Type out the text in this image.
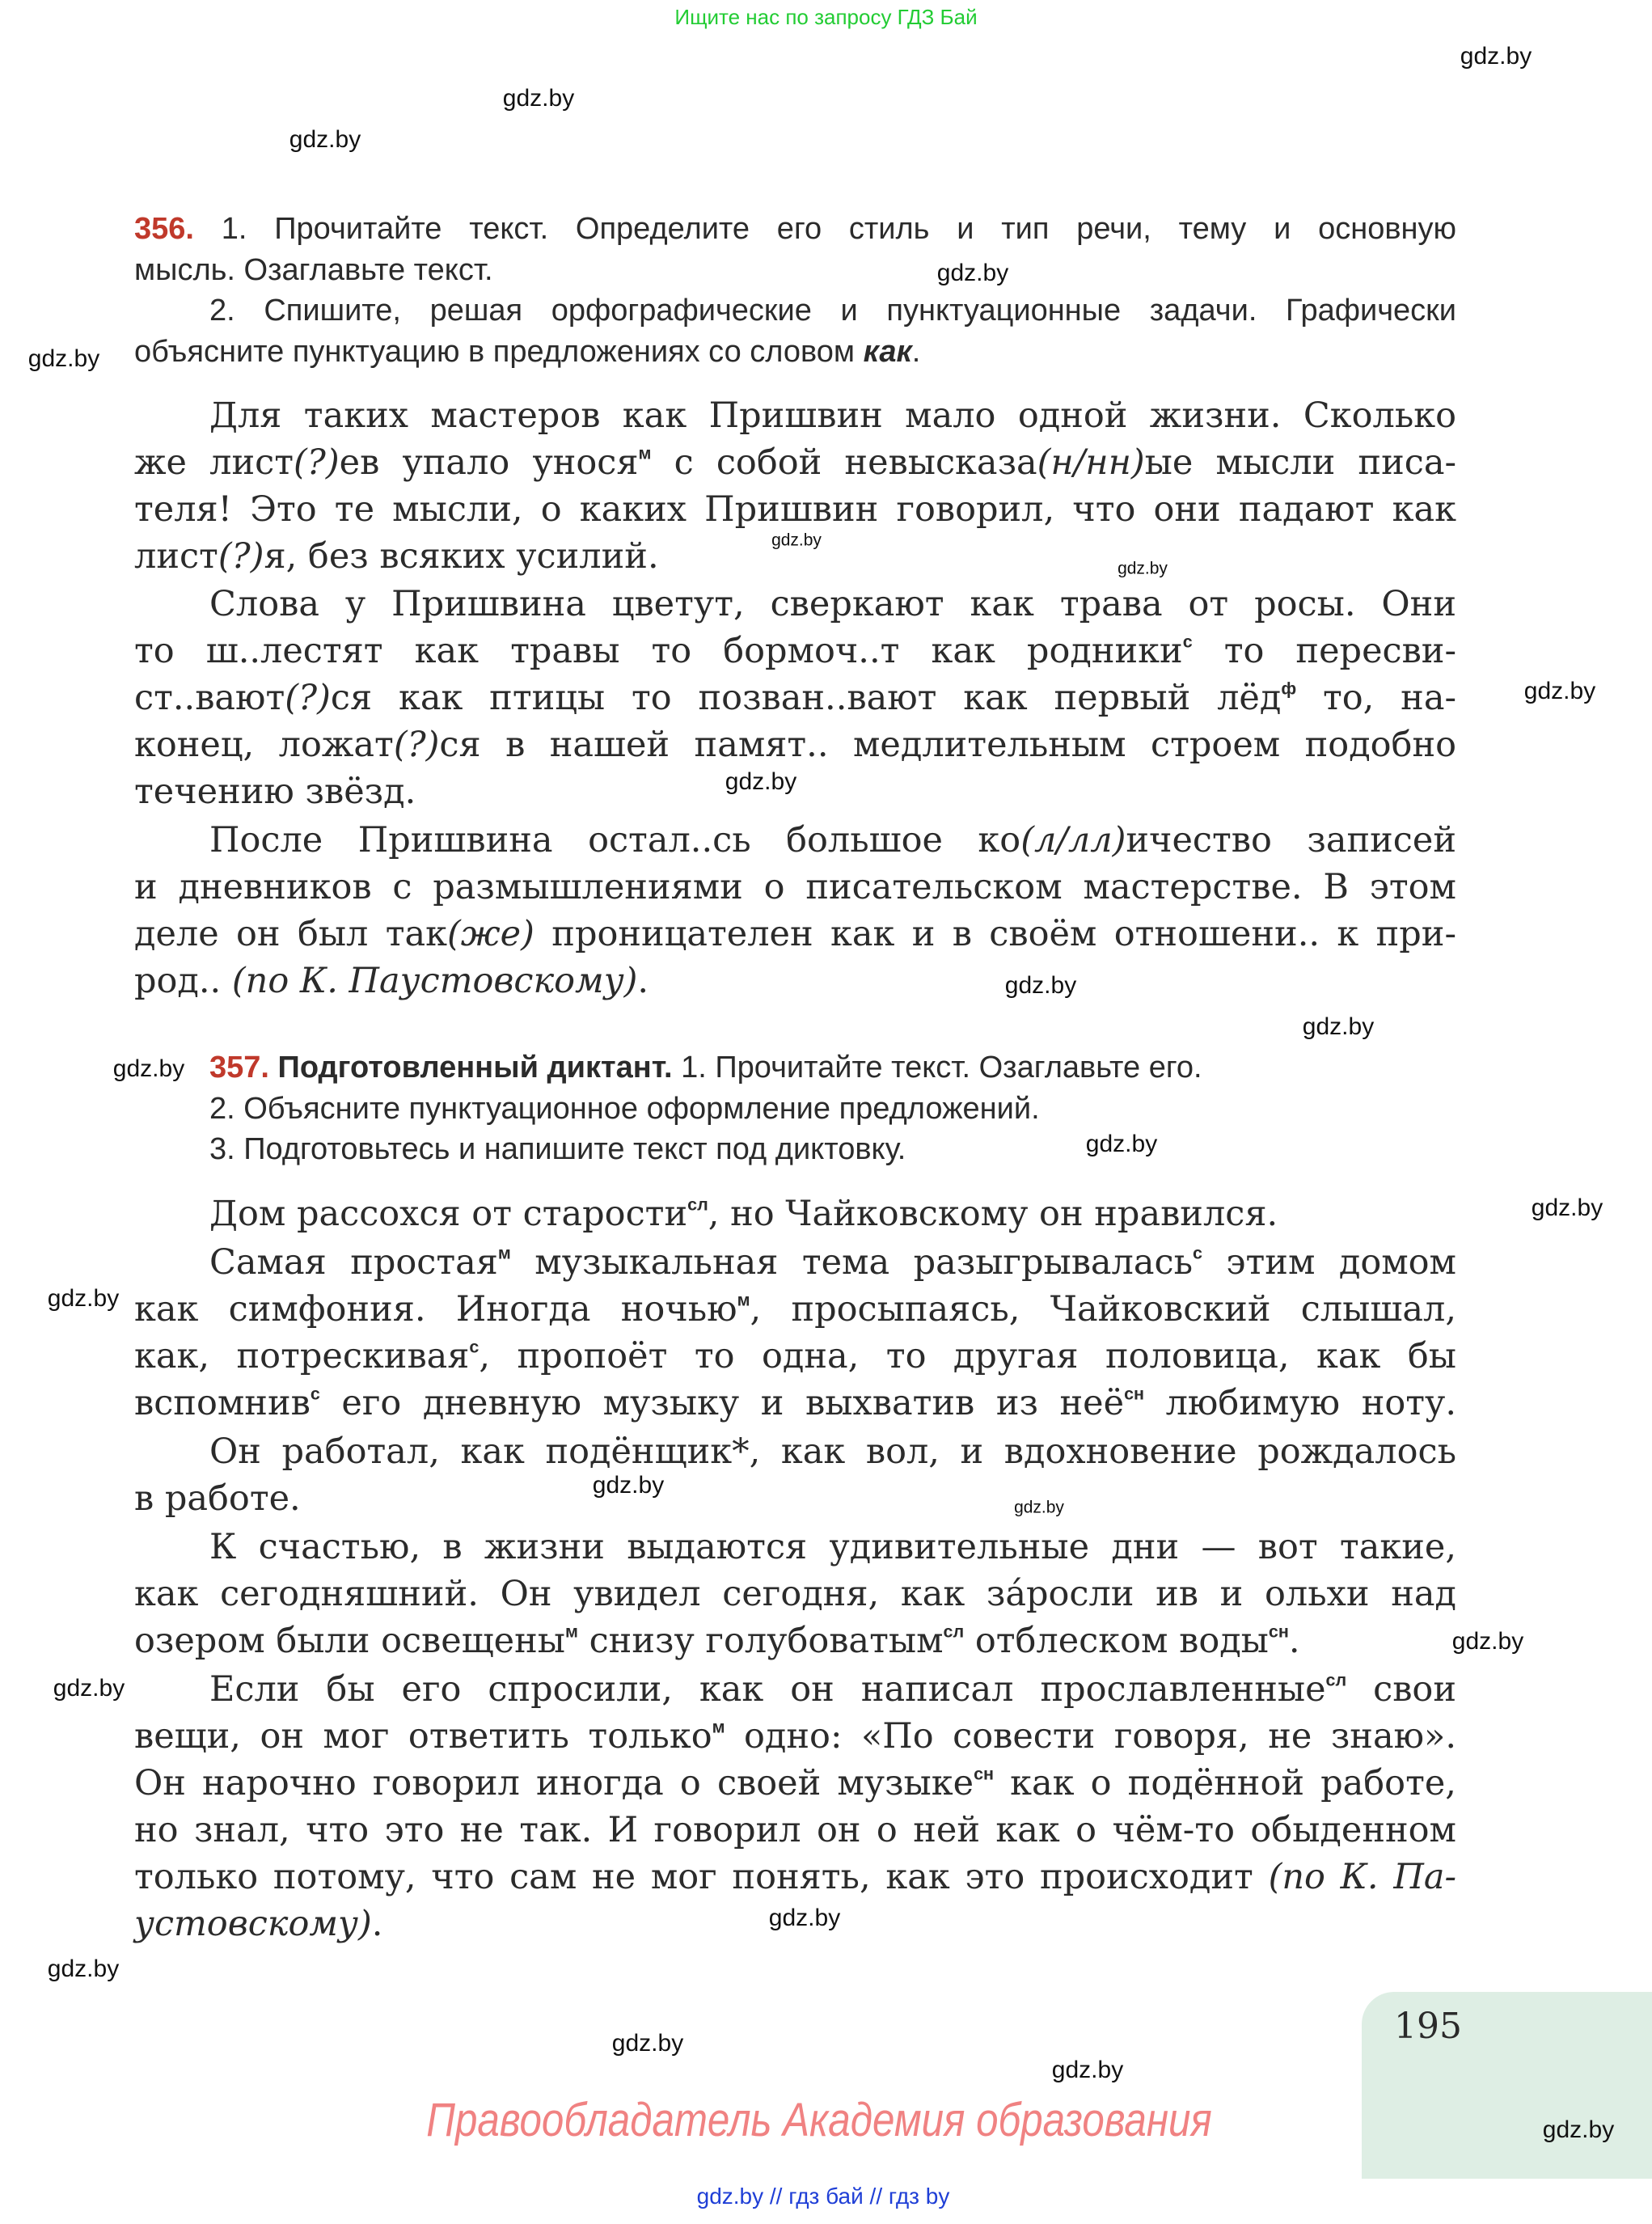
Ищите нас по запросу ГДЗ Бай
356. 1. Прочитайте текст. Определите его стиль и тип речи, тему и основную
мысль. Озаглавьте текст.
2. Спишите, решая орфографические и пунктуационные задачи. Графически
объясните пунктуацию в предложениях со словом как.
Для таких мастеров как Пришвин мало одной жизни. Сколько
же лист(?)ев упало унося$^м$ с собой невысказа(н/нн)ые мысли писа-
теля! Это те мысли, о каких Пришвин говорил, что они падают как
лист(?)я, без всяких усилий.
Слова у Пришвина цветут, сверкают как трава от росы. Они
то ш..лестят как травы то бормоч..т как родники$^с$ то пересви-
ст..вают(?)ся как птицы то позван..вают как первый лёд$^ф$ то, на-
конец, ложат(?)ся в нашей памят.. медлительным строем подобно
течению звёзд.
После Пришвина остал..сь большое ко(л/лл)ичество записей
и дневников с размышлениями о писательском мастерстве. В этом
деле он был так(же) проницателен как и в своём отношени.. к при-
род.. (по К. Паустовскому).
357. Подготовленный диктант. 1. Прочитайте текст. Озаглавьте его.
2. Объясните пунктуационное оформление предложений.
3. Подготовьтесь и напишите текст под диктовку.
Дом рассохся от старости$^{сл}$, но Чайковскому он нравился.
Самая простая$^м$ музыкальная тема разыгрывалась$^с$ этим домом
как симфония. Иногда ночью$^м$, просыпаясь, Чайковский слышал,
как, потрескивая$^с$, пропоёт то одна, то другая половица, как бы
вспомнив$^с$ его дневную музыку и выхватив из неё$^{сн}$ любимую ноту.
Он работал, как подёнщик*, как вол, и вдохновение рождалось
в работе.
К счастью, в жизни выдаются удивительные дни — вот такие,
как сегодняшний. Он увидел сегодня, как за́росли ив и ольхи над
озером были освещены$^м$ снизу голубоватым$^{сл}$ отблеском воды$^{сн}$.
Если бы его спросили, как он написал прославленные$^{сл}$ свои
вещи, он мог ответить только$^м$ одно: «По совести говоря, не знаю».
Он нарочно говорил иногда о своей музыке$^{сн}$ как о подённой работе,
но знал, что это не так. И говорил он о ней как о чём-то обыденном
только потому, что сам не мог понять, как это происходит (по К. Па-
устовскому).
195
Правообладатель Академия образования
gdz.by // гдз бай // гдз by
gdz.by
gdz.by
gdz.by
gdz.by
gdz.by
gdz.by
gdz.by
gdz.by
gdz.by
gdz.by
gdz.by
gdz.by
gdz.by
gdz.by
gdz.by
gdz.by
gdz.by
gdz.by
gdz.by
gdz.by
gdz.by
gdz.by
gdz.by
gdz.by
